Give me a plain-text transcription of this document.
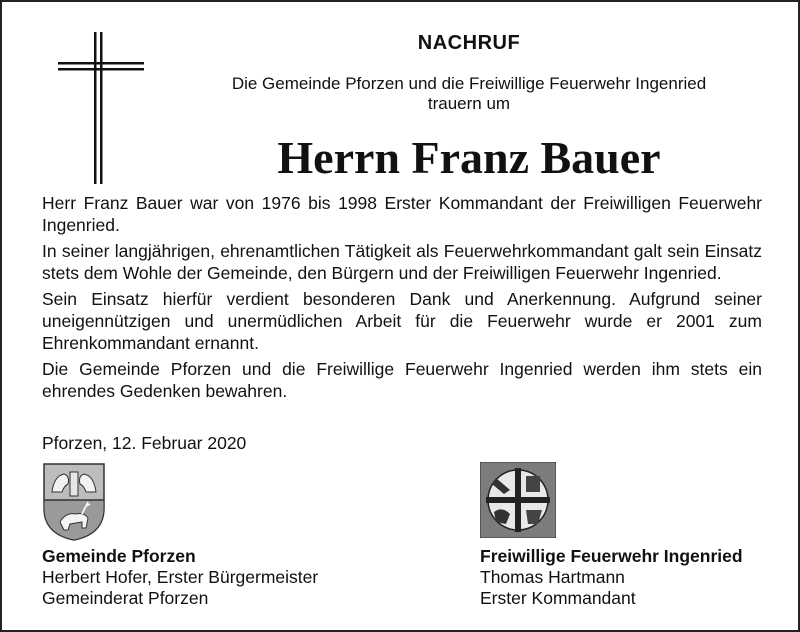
NACHRUF
Die Gemeinde Pforzen und die Freiwillige Feuerwehr Ingenried
trauern um
Herrn Franz Bauer

Herr Franz Bauer war von 1976 bis 1998 Erster Kommandant der Freiwilligen Feuerwehr Ingenried.

In seiner langjährigen, ehrenamtlichen Tätigkeit als Feuerwehrkommandant galt sein Einsatz stets dem Wohle der Gemeinde, den Bürgern und der Freiwilligen Feuerwehr Ingenried.

Sein Einsatz hierfür verdient besonderen Dank und Anerkennung. Aufgrund seiner uneigennützigen und unermüdlichen Arbeit für die Feuerwehr wurde er 2001 zum Ehrenkommandant ernannt.

Die Gemeinde Pforzen und die Freiwillige Feuerwehr Ingenried werden ihm stets ein ehrendes Gedenken bewahren.

Pforzen, 12. Februar 2020
Gemeinde Pforzen
Herbert Hofer, Erster Bürgermeister
Gemeinderat Pforzen
Freiwillige Feuerwehr Ingenried
Thomas Hartmann
Erster Kommandant
